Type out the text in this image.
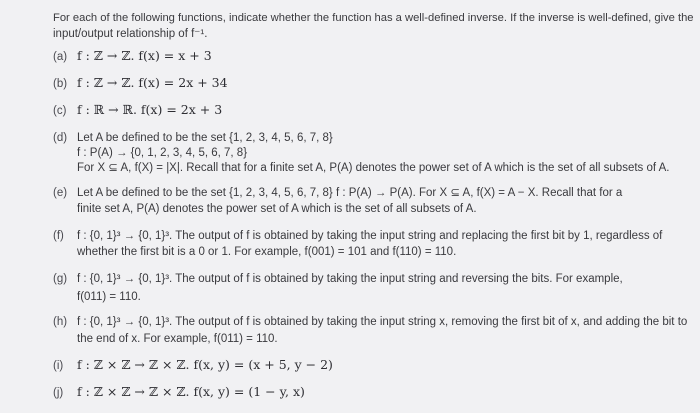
For each of the following functions, indicate whether the function has a well-defined inverse. If the inverse is well-defined, give the
input/output relationship of f⁻¹.
(a) f : ℤ → ℤ. f(x) = x + 3
(b) f : ℤ → ℤ. f(x) = 2x + 34
(c) f : ℝ → ℝ. f(x) = 2x + 3
(d) Let A be defined to be the set {1, 2, 3, 4, 5, 6, 7, 8}
f : P(A) → {0, 1, 2, 3, 4, 5, 6, 7, 8}
For X ⊆ A, f(X) = |X|. Recall that for a finite set A, P(A) denotes the power set of A which is the set of all subsets of A.
(e) Let A be defined to be the set {1, 2, 3, 4, 5, 6, 7, 8} f : P(A) → P(A). For X ⊆ A, f(X) = A − X. Recall that for a
finite set A, P(A) denotes the power set of A which is the set of all subsets of A.
(f) f : {0, 1}³ → {0, 1}³. The output of f is obtained by taking the input string and replacing the first bit by 1, regardless of
whether the first bit is a 0 or 1. For example, f(001) = 101 and f(110) = 110.
(g) f : {0, 1}³ → {0, 1}³. The output of f is obtained by taking the input string and reversing the bits. For example,
f(011) = 110.
(h) f : {0, 1}³ → {0, 1}³. The output of f is obtained by taking the input string x, removing the first bit of x, and adding the bit to
the end of x. For example, f(011) = 110.
(i) f : ℤ × ℤ → ℤ × ℤ. f(x, y) = (x + 5, y − 2)
(j) f : ℤ × ℤ → ℤ × ℤ. f(x, y) = (1 − y, x)
